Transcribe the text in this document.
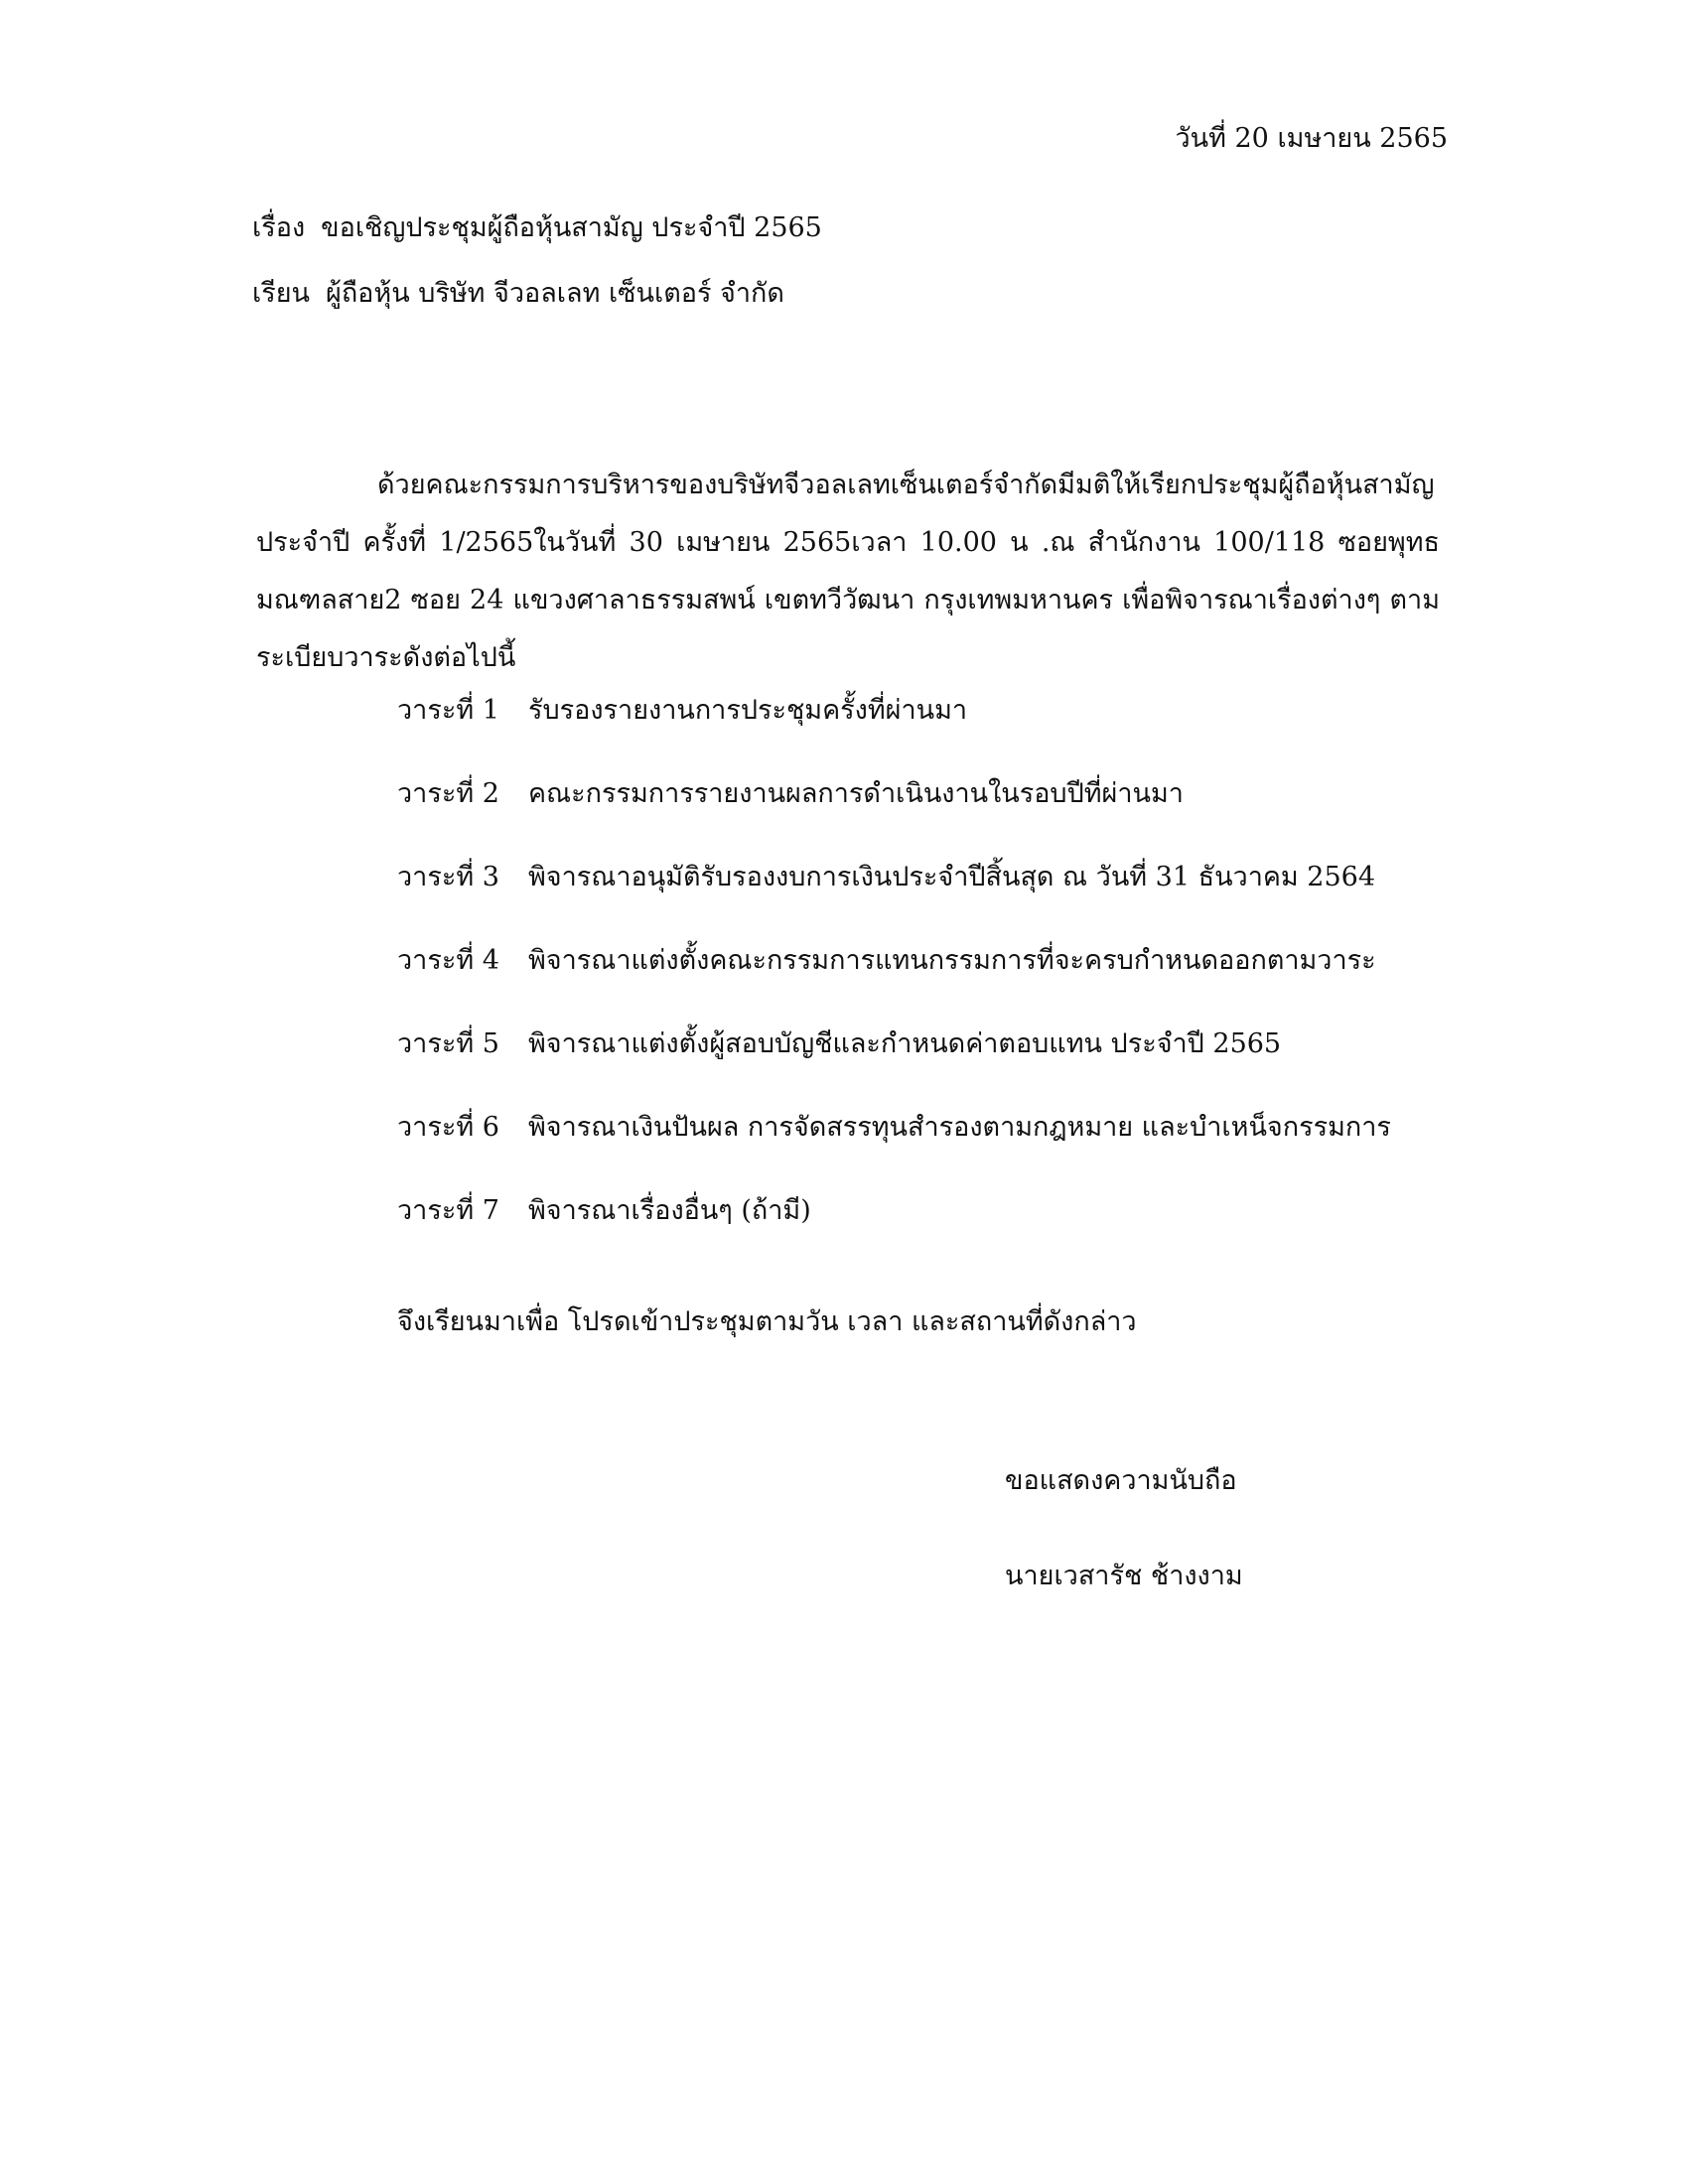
วันที่ 20 เมษายน 2565
เรื่อง ขอเชิญประชุมผู้ถือหุ้นสามัญ ประจำปี 2565
เรียน ผู้ถือหุ้น บริษัท จีวอลเลท เซ็นเตอร์ จำกัด
ด้วยคณะกรรมการบริหารของบริษัทจีวอลเลทเซ็นเตอร์จำกัดมีมติให้เรียกประชุมผู้ถือหุ้นสามัญ ประจำปี ครั้งที่ 1/2565ในวันที่ 30 เมษายน 2565เวลา 10.00 น .ณ สำนักงาน 100/118 ซอยพุทธมณฑลสาย2 ซอย 24 แขวงศาลาธรรมสพน์ เขตทวีวัฒนา กรุงเทพมหานคร เพื่อพิจารณาเรื่องต่างๆ ตามระเบียบวาระดังต่อไปนี้
วาระที่ 1 รับรองรายงานการประชุมครั้งที่ผ่านมา
วาระที่ 2 คณะกรรมการรายงานผลการดำเนินงานในรอบปีที่ผ่านมา
วาระที่ 3 พิจารณาอนุมัติรับรองงบการเงินประจำปีสิ้นสุด ณ วันที่ 31 ธันวาคม 2564
วาระที่ 4 พิจารณาแต่งตั้งคณะกรรมการแทนกรรมการที่จะครบกำหนดออกตามวาระ
วาระที่ 5 พิจารณาแต่งตั้งผู้สอบบัญชีและกำหนดค่าตอบแทน ประจำปี 2565
วาระที่ 6 พิจารณาเงินปันผล การจัดสรรทุนสำรองตามกฎหมาย และบำเหน็จกรรมการ
วาระที่ 7 พิจารณาเรื่องอื่นๆ (ถ้ามี)
จึงเรียนมาเพื่อ โปรดเข้าประชุมตามวัน เวลา และสถานที่ดังกล่าว
ขอแสดงความนับถือ
นายเวสารัช ช้างงาม
